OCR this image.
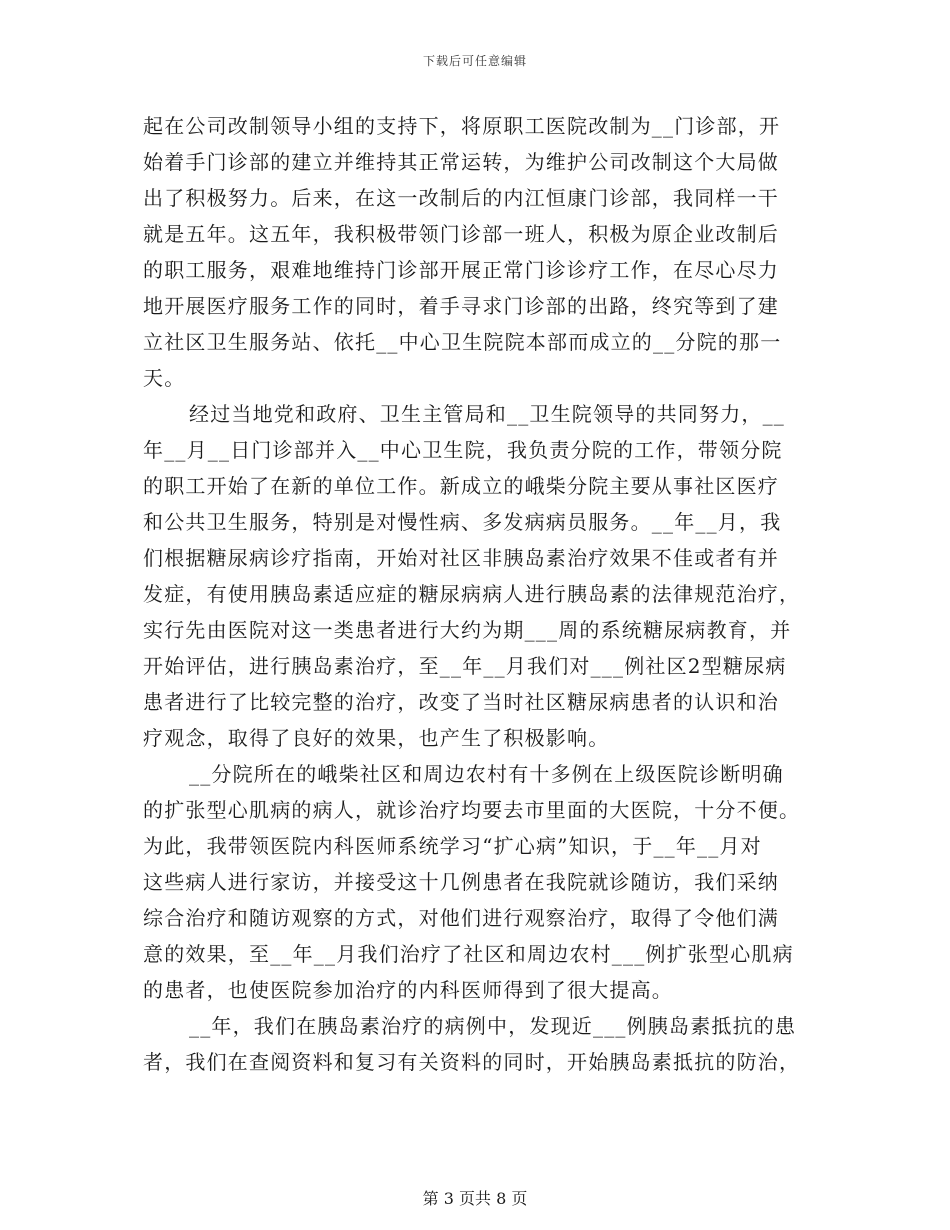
下载后可任意编辑
起在公司改制领导小组的支持下，将原职工医院改制为__门诊部，开
始着手门诊部的建立并维持其正常运转，为维护公司改制这个大局做
出了积极努力。后来，在这一改制后的内江恒康门诊部，我同样一干
就是五年。这五年，我积极带领门诊部一班人，积极为原企业改制后
的职工服务，艰难地维持门诊部开展正常门诊诊疗工作，在尽心尽力
地开展医疗服务工作的同时，着手寻求门诊部的出路，终究等到了建
立社区卫生服务站、依托__中心卫生院院本部而成立的__分院的那一
天。
经过当地党和政府、卫生主管局和__卫生院领导的共同努力，__
年__月__日门诊部并入__中心卫生院，我负责分院的工作，带领分院
的职工开始了在新的单位工作。新成立的峨柴分院主要从事社区医疗
和公共卫生服务，特别是对慢性病、多发病病员服务。__年__月，我
们根据糖尿病诊疗指南，开始对社区非胰岛素治疗效果不佳或者有并
发症，有使用胰岛素适应症的糖尿病病人进行胰岛素的法律规范治疗，
实行先由医院对这一类患者进行大约为期___周的系统糖尿病教育，并
开始评估，进行胰岛素治疗，至__年__月我们对___例社区2型糖尿病
患者进行了比较完整的治疗，改变了当时社区糖尿病患者的认识和治
疗观念，取得了良好的效果，也产生了积极影响。
__分院所在的峨柴社区和周边农村有十多例在上级医院诊断明确
的扩张型心肌病的病人，就诊治疗均要去市里面的大医院，十分不便。
为此，我带领医院内科医师系统学习“扩心病”知识，于__年__月对
这些病人进行家访，并接受这十几例患者在我院就诊随访，我们采纳
综合治疗和随访观察的方式，对他们进行观察治疗，取得了令他们满
意的效果，至__年__月我们治疗了社区和周边农村___例扩张型心肌病
的患者，也使医院参加治疗的内科医师得到了很大提高。
__年，我们在胰岛素治疗的病例中，发现近___例胰岛素抵抗的患
者，我们在查阅资料和复习有关资料的同时，开始胰岛素抵抗的防治，
第 3 页共 8 页
